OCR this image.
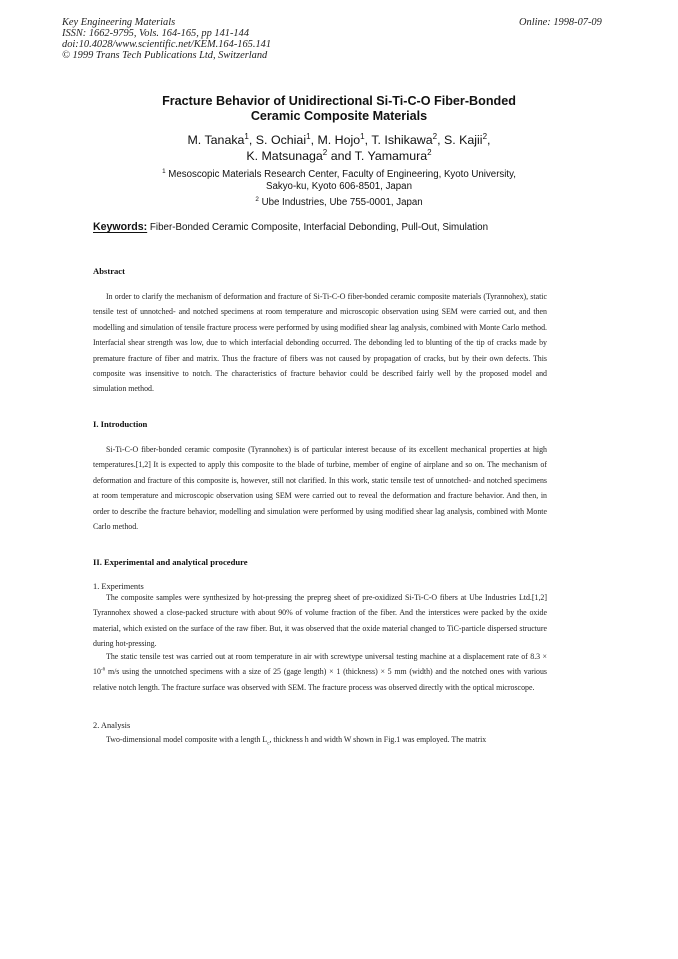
Key Engineering Materials
ISSN: 1662-9795, Vols. 164-165, pp 141-144
doi:10.4028/www.scientific.net/KEM.164-165.141
© 1999 Trans Tech Publications Ltd, Switzerland
Online: 1998-07-09
Fracture Behavior of Unidirectional Si-Ti-C-O Fiber-Bonded
Ceramic Composite Materials
M. Tanaka$^1$, S. Ochiai$^1$, M. Hojo$^1$, T. Ishikawa$^2$, S. Kajii$^2$,
K. Matsunaga$^2$ and T. Yamamura$^2$
$^1$ Mesoscopic Materials Research Center, Faculty of Engineering, Kyoto University,
Sakyo-ku, Kyoto 606-8501, Japan
$^2$ Ube Industries, Ube 755-0001, Japan
Keywords: Fiber-Bonded Ceramic Composite, Interfacial Debonding, Pull-Out, Simulation
Abstract

In order to clarify the mechanism of deformation and fracture of Si-Ti-C-O fiber-bonded ceramic composite materials (Tyrannohex), static tensile test of unnotched- and notched specimens at room temperature and microscopic observation using SEM were carried out, and then modelling and simulation of tensile fracture process were performed by using modified shear lag analysis, combined with Monte Carlo method. Interfacial shear strength was low, due to which interfacial debonding occurred. The debonding led to blunting of the tip of cracks made by premature fracture of fiber and matrix. Thus the fracture of fibers was not caused by propagation of cracks, but by their own defects. This composite was insensitive to notch. The characteristics of fracture behavior could be described fairly well by the proposed model and simulation method.

I. Introduction

Si-Ti-C-O fiber-bonded ceramic composite (Tyrannohex) is of particular interest because of its excellent mechanical properties at high temperatures.[1,2] It is expected to apply this composite to the blade of turbine, member of engine of airplane and so on. The mechanism of deformation and fracture of this composite is, however, still not clarified. In this work, static tensile test of unnotched- and notched specimens at room temperature and microscopic observation using SEM were carried out to reveal the deformation and fracture behavior. And then, in order to describe the fracture behavior, modelling and simulation were performed by using modified shear lag analysis, combined with Monte Carlo method.

II. Experimental and analytical procedure
1. Experiments

The composite samples were synthesized by hot-pressing the prepreg sheet of pre-oxidized Si-Ti-C-O fibers at Ube Industries Ltd.[1,2] Tyrannohex showed a close-packed structure with about 90% of volume fraction of the fiber. And the interstices were packed by the oxide material, which existed on the surface of the raw fiber. But, it was observed that the oxide material changed to TiC-particle dispersed structure during hot-pressing.

The static tensile test was carried out at room temperature in air with screwtype universal testing machine at a displacement rate of $8.3 \times 10^{-6}$ m/s using the unnotched specimens with a size of 25 (gage length) × 1 (thickness) × 5 mm (width) and the notched ones with various relative notch length. The fracture surface was observed with SEM. The fracture process was observed directly with the optical microscope.

2. Analysis

Two-dimensional model composite with a length $L_c$, thickness h and width W shown in Fig.1 was employed. The matrix
